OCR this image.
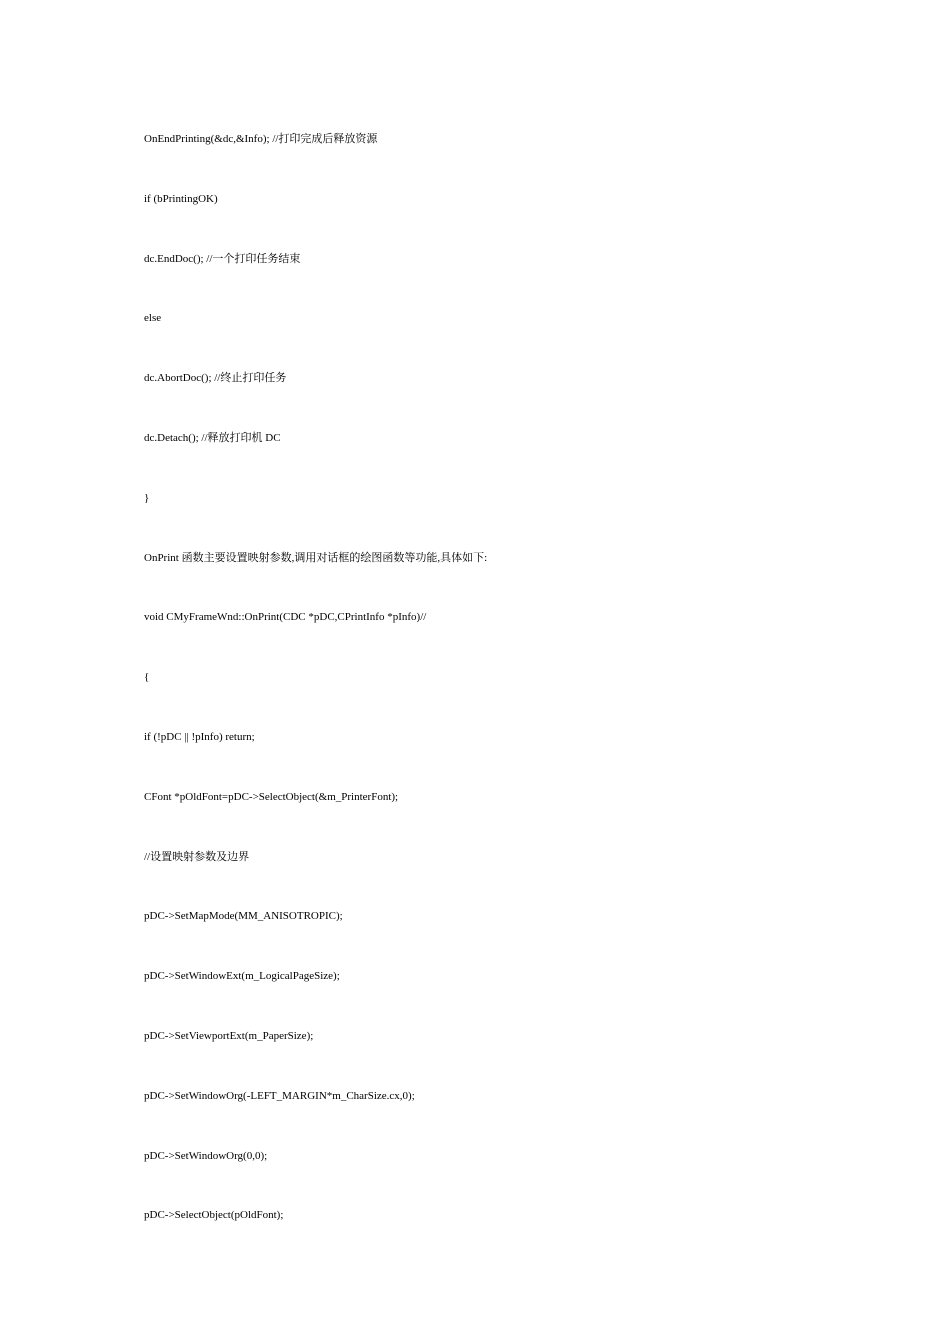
OnEndPrinting(&dc,&Info); //打印完成后释放资源
if (bPrintingOK)
dc.EndDoc(); //一个打印任务结束
else
dc.AbortDoc(); //终止打印任务
dc.Detach(); //释放打印机 DC
}
OnPrint 函数主要设置映射参数,调用对话框的绘图函数等功能,具体如下:
void CMyFrameWnd::OnPrint(CDC *pDC,CPrintInfo *pInfo)//
{
if (!pDC || !pInfo) return;
CFont *pOldFont=pDC->SelectObject(&m_PrinterFont);
//设置映射参数及边界
pDC->SetMapMode(MM_ANISOTROPIC);
pDC->SetWindowExt(m_LogicalPageSize);
pDC->SetViewportExt(m_PaperSize);
pDC->SetWindowOrg(-LEFT_MARGIN*m_CharSize.cx,0);
pDC->SetWindowOrg(0,0);
pDC->SelectObject(pOldFont);
